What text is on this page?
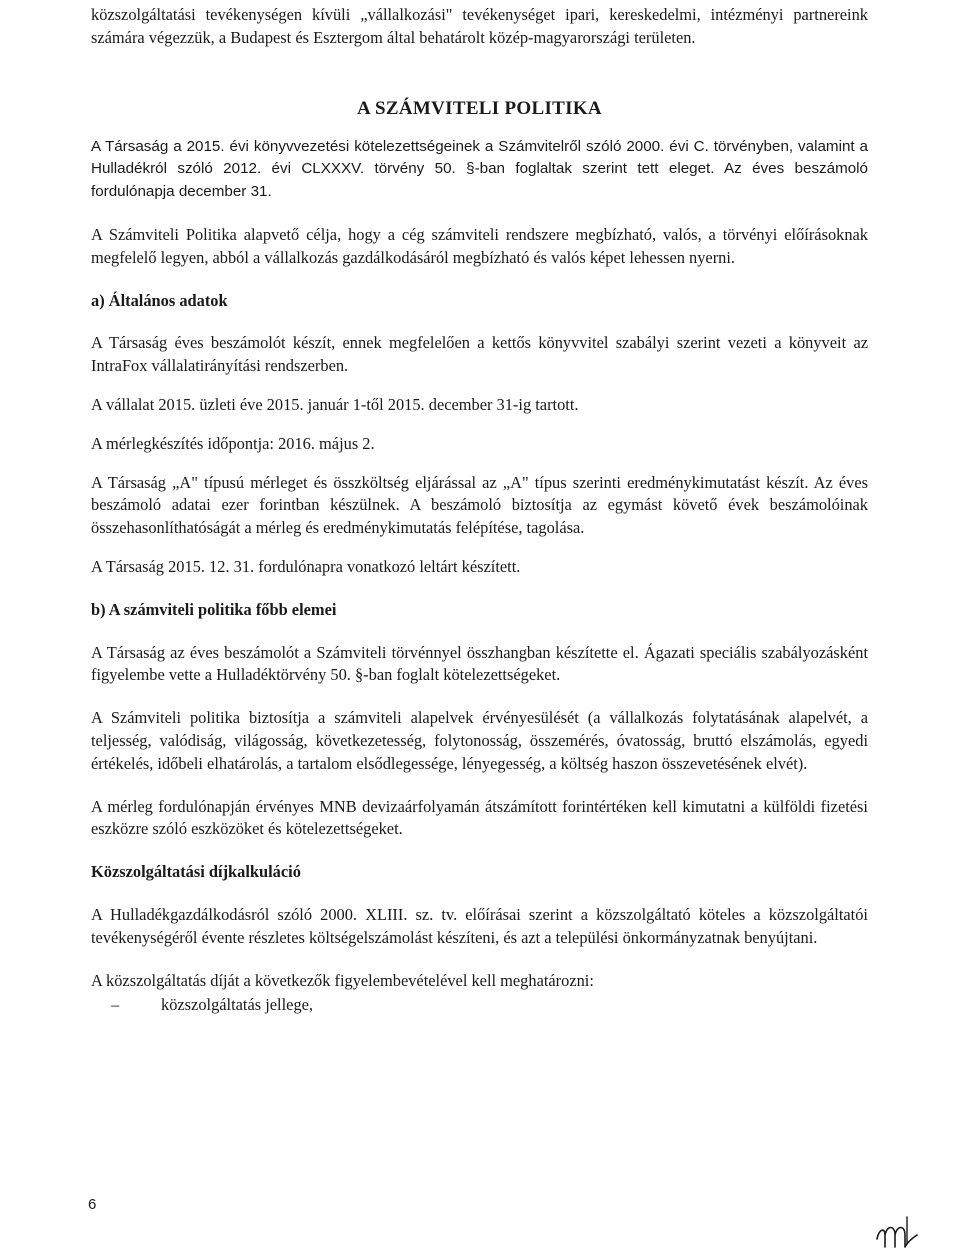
közszolgáltatási tevékenységen kívüli „vállalkozási" tevékenységet ipari, kereskedelmi, intézményi partnereink számára végezzük, a Budapest és Esztergom által behatárolt közép-magyarországi területen.

A SZÁMVITELI POLITIKA

A Társaság a 2015. évi könyvvezetési kötelezettségeinek a Számvitelről szóló 2000. évi C. törvényben, valamint a Hulladékról szóló 2012. évi CLXXXV. törvény 50. §-ban foglaltak szerint tett eleget. Az éves beszámoló fordulónapja december 31.

A Számviteli Politika alapvető célja, hogy a cég számviteli rendszere megbízható, valós, a törvényi előírásoknak megfelelő legyen, abból a vállalkozás gazdálkodásáról megbízható és valós képet lehessen nyerni.

a) Általános adatok

A Társaság éves beszámolót készít, ennek megfelelően a kettős könyvvitel szabályi szerint vezeti a könyveit az IntraFox vállalatirányítási rendszerben.

A vállalat 2015. üzleti éve 2015. január 1-től 2015. december 31-ig tartott.

A mérlegkészítés időpontja: 2016. május 2.

A Társaság „A" típusú mérleget és összköltség eljárással az „A" típus szerinti eredménykimutatást készít. Az éves beszámoló adatai ezer forintban készülnek. A beszámoló biztosítja az egymást követő évek beszámolóinak összehasonlíthatóságát a mérleg és eredménykimutatás felépítése, tagolása.

A Társaság 2015. 12. 31. fordulónapra vonatkozó leltárt készített.

b) A számviteli politika főbb elemei

A Társaság az éves beszámolót a Számviteli törvénnyel összhangban készítette el. Ágazati speciális szabályozásként figyelembe vette a Hulladéktörvény 50. §-ban foglalt kötelezettségeket.

A Számviteli politika biztosítja a számviteli alapelvek érvényesülését (a vállalkozás folytatásának alapelvét, a teljesség, valódiság, világosság, következetesség, folytonosság, összemérés, óvatosság, bruttó elszámolás, egyedi értékelés, időbeli elhatárolás, a tartalom elsődlegessége, lényegesség, a költség haszon összevetésének elvét).

A mérleg fordulónapján érvényes MNB devizaárfolyamán átszámított forintértéken kell kimutatni a külföldi fizetési eszközre szóló eszközöket és kötelezettségeket.

Közszolgáltatási díjkalkuláció

A Hulladékgazdálkodásról szóló 2000. XLIII. sz. tv. előírásai szerint a közszolgáltató köteles a közszolgáltatói tevékenységéről évente részletes költségelszámolást készíteni, és azt a települési önkormányzatnak benyújtani.

A közszolgáltatás díját a következők figyelembevételével kell meghatározni:

–	közszolgáltatás jellege,

6
